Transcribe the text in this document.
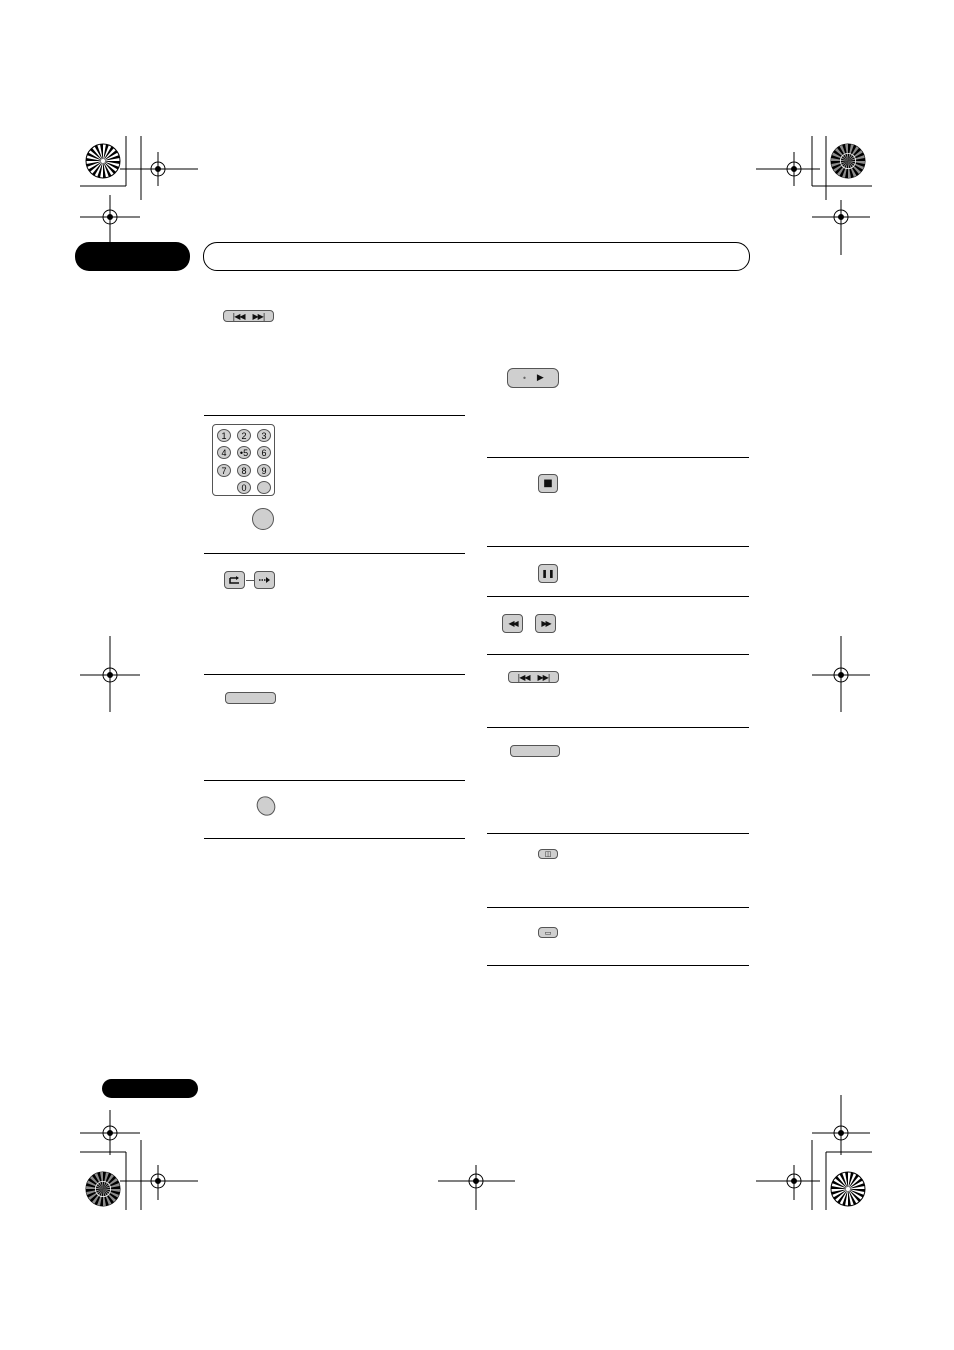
|◀◀ ▶▶|
1	2	3
4	•5	6
7	8	9
0
• ▶
■
❚❚
◀◀	▶▶
|◀◀ ▶▶|
◫
▭
